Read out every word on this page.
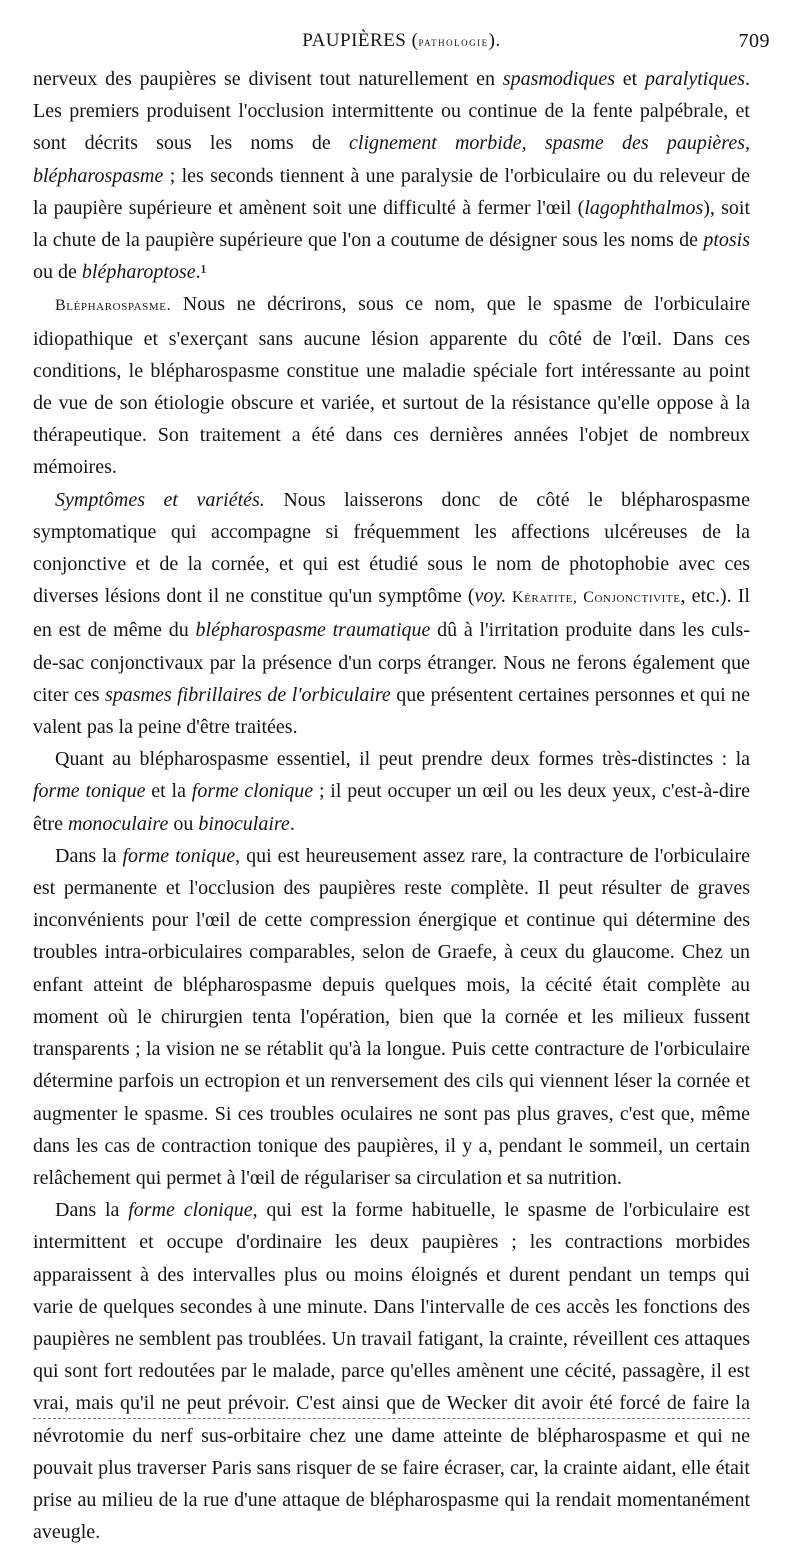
PAUPIÈRES (pathologie).	709

nerveux des paupières se divisent tout naturellement en spasmodiques et paralytiques. Les premiers produisent l'occlusion intermittente ou continue de la fente palpébrale, et sont décrits sous les noms de clignement morbide, spasme des paupières, blépharospasme ; les seconds tiennent à une paralysie de l'orbiculaire ou du releveur de la paupière supérieure et amènent soit une difficulté à fermer l'œil (lagophthalmos), soit la chute de la paupière supérieure que l'on a coutume de désigner sous les noms de ptosis ou de blépharoptose.¹

Blépharospasme. Nous ne décrirons, sous ce nom, que le spasme de l'orbiculaire idiopathique et s'exerçant sans aucune lésion apparente du côté de l'œil. Dans ces conditions, le blépharospasme constitue une maladie spéciale fort intéressante au point de vue de son étiologie obscure et variée, et surtout de la résistance qu'elle oppose à la thérapeutique. Son traitement a été dans ces dernières années l'objet de nombreux mémoires.

Symptômes et variétés. Nous laisserons donc de côté le blépharospasme symptomatique qui accompagne si fréquemment les affections ulcéreuses de la conjonctive et de la cornée, et qui est étudié sous le nom de photophobie avec ces diverses lésions dont il ne constitue qu'un symptôme (voy. Kératite, Conjonctivite, etc.). Il en est de même du blépharospasme traumatique dû à l'irritation produite dans les culs-de-sac conjonctivaux par la présence d'un corps étranger. Nous ne ferons également que citer ces spasmes fibrillaires de l'orbiculaire que présentent certaines personnes et qui ne valent pas la peine d'être traitées.

Quant au blépharospasme essentiel, il peut prendre deux formes très-distinctes : la forme tonique et la forme clonique ; il peut occuper un œil ou les deux yeux, c'est-à-dire être monoculaire ou binoculaire.

Dans la forme tonique, qui est heureusement assez rare, la contracture de l'orbiculaire est permanente et l'occlusion des paupières reste complète. Il peut résulter de graves inconvénients pour l'œil de cette compression énergique et continue qui détermine des troubles intra-orbiculaires comparables, selon de Graefe, à ceux du glaucome. Chez un enfant atteint de blépharospasme depuis quelques mois, la cécité était complète au moment où le chirurgien tenta l'opération, bien que la cornée et les milieux fussent transparents ; la vision ne se rétablit qu'à la longue. Puis cette contracture de l'orbiculaire détermine parfois un ectropion et un renversement des cils qui viennent léser la cornée et augmenter le spasme. Si ces troubles oculaires ne sont pas plus graves, c'est que, même dans les cas de contraction tonique des paupières, il y a, pendant le sommeil, un certain relâchement qui permet à l'œil de régulariser sa circulation et sa nutrition.

Dans la forme clonique, qui est la forme habituelle, le spasme de l'orbiculaire est intermittent et occupe d'ordinaire les deux paupières ; les contractions morbides apparaissent à des intervalles plus ou moins éloignés et durent pendant un temps qui varie de quelques secondes à une minute. Dans l'intervalle de ces accès les fonctions des paupières ne semblent pas troublées. Un travail fatigant, la crainte, réveillent ces attaques qui sont fort redoutées par le malade, parce qu'elles amènent une cécité, passagère, il est vrai, mais qu'il ne peut prévoir. C'est ainsi que de Wecker dit avoir été forcé de faire la névrotomie du nerf sus-orbitaire chez une dame atteinte de blépharospasme et qui ne pouvait plus traverser Paris sans risquer de se faire écraser, car, la crainte aidant, elle était prise au milieu de la rue d'une attaque de blépharospasme qui la rendait momentanément aveugle.
